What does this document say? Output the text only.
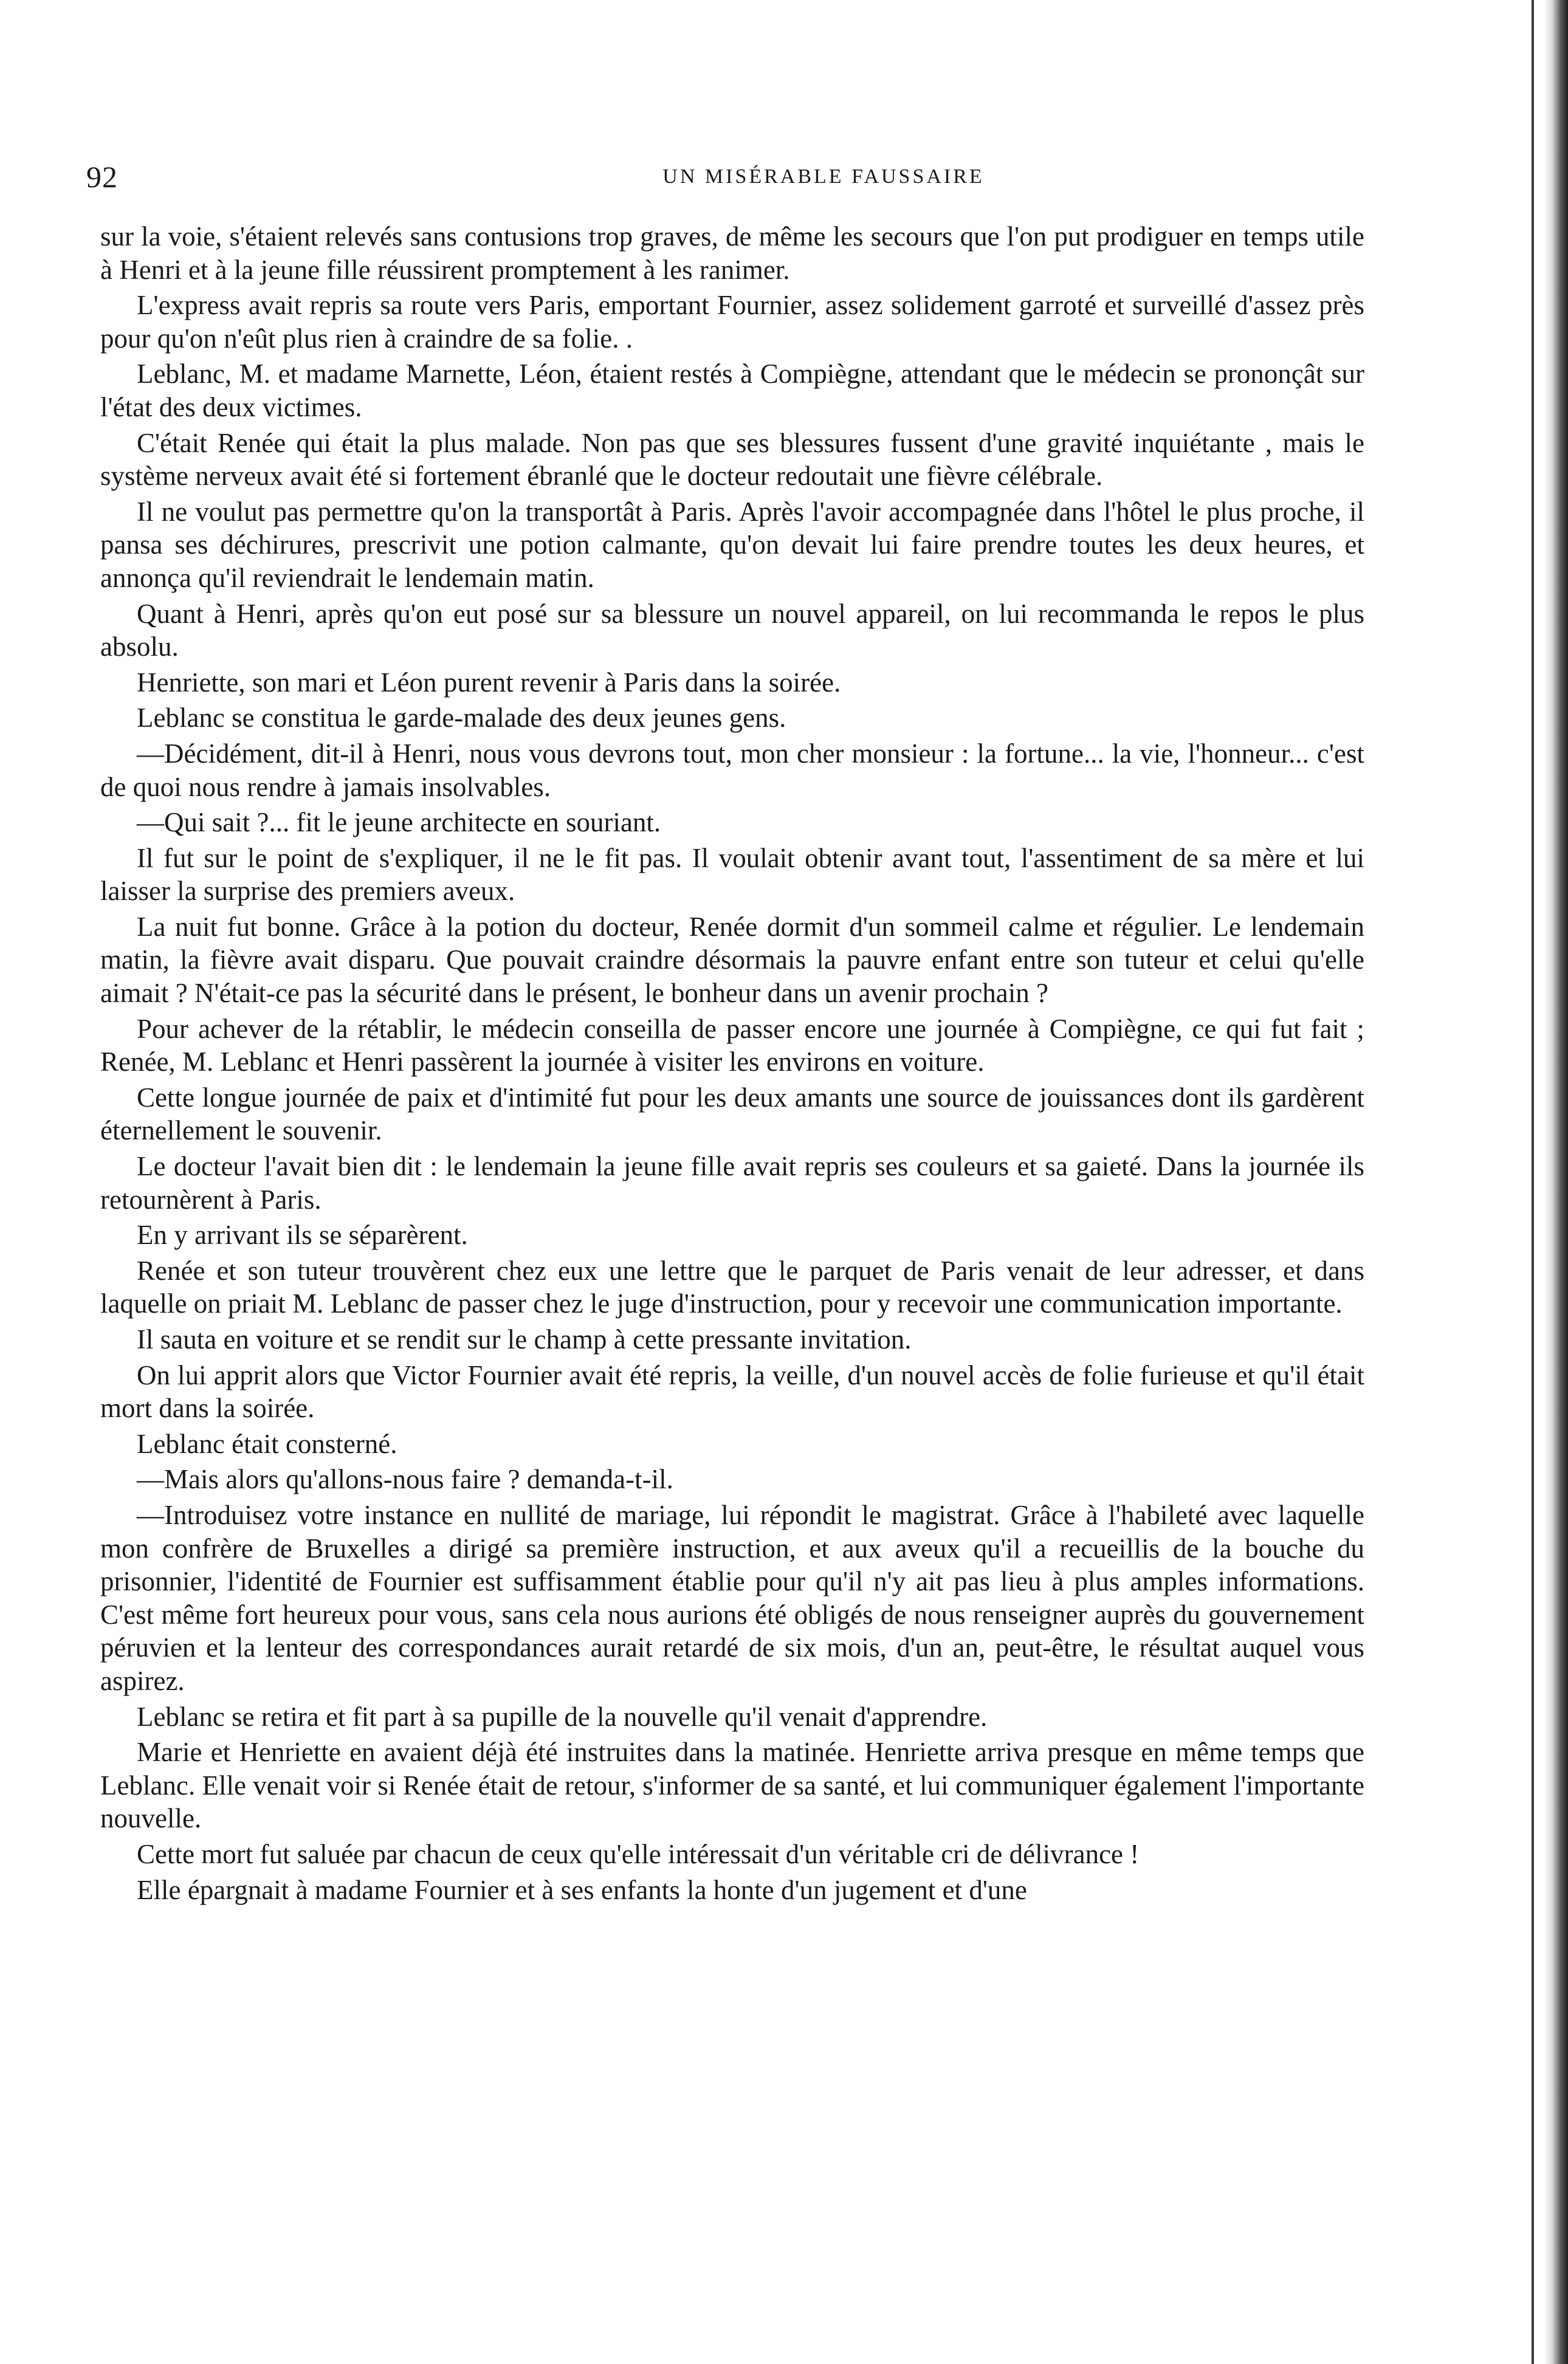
92	UN MISÉRABLE FAUSSAIRE

sur la voie, s'étaient relevés sans contusions trop graves, de même les secours que l'on put prodiguer en temps utile à Henri et à la jeune fille réussirent promptement à les ranimer.

L'express avait repris sa route vers Paris, emportant Fournier, assez solidement garroté et surveillé d'assez près pour qu'on n'eût plus rien à craindre de sa folie. .

Leblanc, M. et madame Marnette, Léon, étaient restés à Compiègne, attendant que le médecin se prononçât sur l'état des deux victimes.

C'était Renée qui était la plus malade. Non pas que ses blessures fussent d'une gravité inquiétante , mais le système nerveux avait été si fortement ébranlé que le docteur redoutait une fièvre célébrale.

Il ne voulut pas permettre qu'on la transportât à Paris. Après l'avoir accompagnée dans l'hôtel le plus proche, il pansa ses déchirures, prescrivit une potion calmante, qu'on devait lui faire prendre toutes les deux heures, et annonça qu'il reviendrait le lendemain matin.

Quant à Henri, après qu'on eut posé sur sa blessure un nouvel appareil, on lui recommanda le repos le plus absolu.

Henriette, son mari et Léon purent revenir à Paris dans la soirée.

Leblanc se constitua le garde-malade des deux jeunes gens.

—Décidément, dit-il à Henri, nous vous devrons tout, mon cher monsieur : la fortune... la vie, l'honneur... c'est de quoi nous rendre à jamais insolvables.

—Qui sait ?... fit le jeune architecte en souriant.

Il fut sur le point de s'expliquer, il ne le fit pas. Il voulait obtenir avant tout, l'assentiment de sa mère et lui laisser la surprise des premiers aveux.

La nuit fut bonne. Grâce à la potion du docteur, Renée dormit d'un sommeil calme et régulier. Le lendemain matin, la fièvre avait disparu. Que pouvait craindre désormais la pauvre enfant entre son tuteur et celui qu'elle aimait ? N'était-ce pas la sécurité dans le présent, le bonheur dans un avenir prochain ?

Pour achever de la rétablir, le médecin conseilla de passer encore une journée à Compiègne, ce qui fut fait ; Renée, M. Leblanc et Henri passèrent la journée à visiter les environs en voiture.

Cette longue journée de paix et d'intimité fut pour les deux amants une source de jouissances dont ils gardèrent éternellement le souvenir.

Le docteur l'avait bien dit : le lendemain la jeune fille avait repris ses couleurs et sa gaieté. Dans la journée ils retournèrent à Paris.

En y arrivant ils se séparèrent.

Renée et son tuteur trouvèrent chez eux une lettre que le parquet de Paris venait de leur adresser, et dans laquelle on priait M. Leblanc de passer chez le juge d'instruction, pour y recevoir une communication importante.

Il sauta en voiture et se rendit sur le champ à cette pressante invitation.

On lui apprit alors que Victor Fournier avait été repris, la veille, d'un nouvel accès de folie furieuse et qu'il était mort dans la soirée.

Leblanc était consterné.

—Mais alors qu'allons-nous faire ? demanda-t-il.

—Introduisez votre instance en nullité de mariage, lui répondit le magistrat. Grâce à l'habileté avec laquelle mon confrère de Bruxelles a dirigé sa première instruction, et aux aveux qu'il a recueillis de la bouche du prisonnier, l'identité de Fournier est suffisamment établie pour qu'il n'y ait pas lieu à plus amples informations. C'est même fort heureux pour vous, sans cela nous aurions été obligés de nous renseigner auprès du gouvernement péruvien et la lenteur des correspondances aurait retardé de six mois, d'un an, peut-être, le résultat auquel vous aspirez.

Leblanc se retira et fit part à sa pupille de la nouvelle qu'il venait d'apprendre.

Marie et Henriette en avaient déjà été instruites dans la matinée. Henriette arriva presque en même temps que Leblanc. Elle venait voir si Renée était de retour, s'informer de sa santé, et lui communiquer également l'importante nouvelle.

Cette mort fut saluée par chacun de ceux qu'elle intéressait d'un véritable cri de délivrance !

Elle épargnait à madame Fournier et à ses enfants la honte d'un jugement et d'une
